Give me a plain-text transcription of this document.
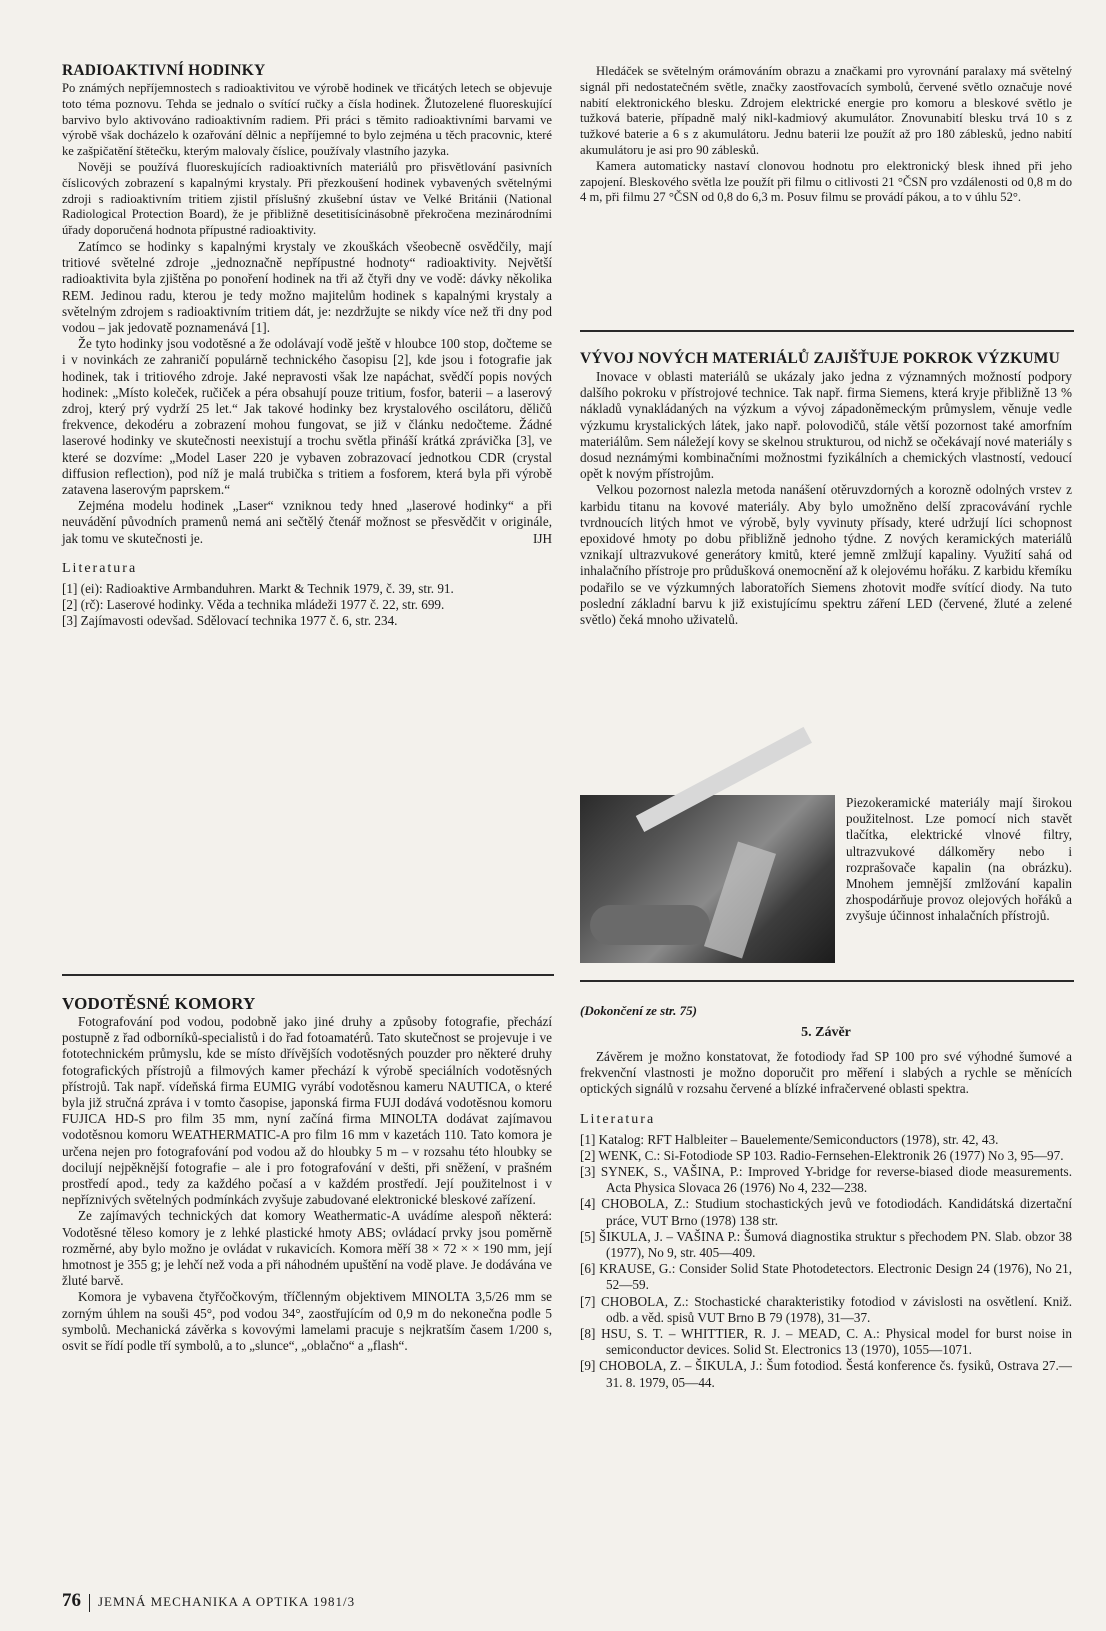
RADIOAKTIVNÍ HODINKY

Po známých nepříjemnostech s radioaktivitou ve výrobě hodinek ve třicátých letech se objevuje toto téma poznovu. Tehda se jednalo o svítící ručky a čísla hodinek. Žlutozelené fluoreskující barvivo bylo aktivováno radioaktivním radiem. Při práci s těmito radioaktivními barvami ve výrobě však docházelo k ozařování dělnic a nepříjemné to bylo zejména u těch pracovnic, které ke zašpičatění štětečku, kterým malovaly číslice, používaly vlastního jazyka.

Nověji se používá fluoreskujících radioaktivních materiálů pro přisvětlování pasivních číslicových zobrazení s kapalnými krystaly. Při přezkoušení hodinek vybavených světelnými zdroji s radioaktivním tritiem zjistil příslušný zkušební ústav ve Velké Británii (National Radiological Protection Board), že je přibližně desetitisícinásobně překročena mezinárodními úřady doporučená hodnota přípustné radioaktivity.

Zatímco se hodinky s kapalnými krystaly ve zkouškách všeobecně osvědčily, mají tritiové světelné zdroje „jednoznačně nepřípustné hodnoty“ radioaktivity. Největší radioaktivita byla zjištěna po ponoření hodinek na tři až čtyři dny ve vodě: dávky několika REM. Jedinou radu, kterou je tedy možno majitelům hodinek s kapalnými krystaly a světelným zdrojem s radioaktivním tritiem dát, je: nezdržujte se nikdy více než tři dny pod vodou – jak jedovatě poznamenává [1].

Že tyto hodinky jsou vodotěsné a že odolávají vodě ještě v hloubce 100 stop, dočteme se i v novinkách ze zahraničí populárně technického časopisu [2], kde jsou i fotografie jak hodinek, tak i tritiového zdroje. Jaké nepravosti však lze napáchat, svědčí popis nových hodinek: „Místo koleček, ručiček a péra obsahují pouze tritium, fosfor, baterii – a laserový zdroj, který prý vydrží 25 let.“ Jak takové hodinky bez krystalového oscilátoru, děličů frekvence, dekodéru a zobrazení mohou fungovat, se již v článku nedočteme. Žádné laserové hodinky ve skutečnosti neexistují a trochu světla přináší krátká zprávička [3], ve které se dozvíme: „Model Laser 220 je vybaven zobrazovací jednotkou CDR (crystal diffusion reflection), pod níž je malá trubička s tritiem a fosforem, která byla při výrobě zatavena laserovým paprskem.“

Zejména modelu hodinek „Laser“ vzniknou tedy hned „laserové hodinky“ a při neuvádění původních pramenů nemá ani sečtělý čtenář možnost se přesvědčit v originále, jak tomu ve skutečnosti je.	IJH
Literatura

[1] (ei): Radioaktive Armbanduhren. Markt & Technik 1979, č. 39, str. 91.

[2] (rč): Laserové hodinky. Věda a technika mládeži 1977 č. 22, str. 699.

[3] Zajímavosti odevšad. Sdělovací technika 1977 č. 6, str. 234.

VODOTĚSNÉ KOMORY

Fotografování pod vodou, podobně jako jiné druhy a způsoby fotografie, přechází postupně z řad odborníků-specialistů i do řad fotoamatérů. Tato skutečnost se projevuje i ve fototechnickém průmyslu, kde se místo dřívějších vodotěsných pouzder pro některé druhy fotografických přístrojů a filmových kamer přechází k výrobě speciálních vodotěsných přístrojů. Tak např. vídeňská firma EUMIG vyrábí vodotěsnou kameru NAUTICA, o které byla již stručná zpráva i v tomto časopise, japonská firma FUJI dodává vodotěsnou komoru FUJICA HD-S pro film 35 mm, nyní začíná firma MINOLTA dodávat zajímavou vodotěsnou komoru WEATHERMATIC-A pro film 16 mm v kazetách 110. Tato komora je určena nejen pro fotografování pod vodou až do hloubky 5 m – v rozsahu této hloubky se docilují nejpěknější fotografie – ale i pro fotografování v dešti, při sněžení, v prašném prostředí apod., tedy za každého počasí a v každém prostředí. Její použitelnost i v nepříznivých světelných podmínkách zvyšuje zabudované elektronické bleskové zařízení.

Ze zajímavých technických dat komory Weathermatic-A uvádíme alespoň některá: Vodotěsné těleso komory je z lehké plastické hmoty ABS; ovládací prvky jsou poměrně rozměrné, aby bylo možno je ovládat v rukavicích. Komora měří 38 × 72 × × 190 mm, její hmotnost je 355 g; je lehčí než voda a při náhodném upuštění na vodě plave. Je dodávána ve žluté barvě.

Komora je vybavena čtyřčočkovým, tříčlenným objektivem MINOLTA 3,5/26 mm se zorným úhlem na souši 45°, pod vodou 34°, zaostřujícím od 0,9 m do nekonečna podle 5 symbolů. Mechanická závěrka s kovovými lamelami pracuje s nejkratším časem 1/200 s, osvit se řídí podle tří symbolů, a to „slunce“, „oblačno“ a „flash“.

Hledáček se světelným orámováním obrazu a značkami pro vyrovnání paralaxy má světelný signál při nedostatečném světle, značky zaostřovacích symbolů, červené světlo označuje nové nabití elektronického blesku. Zdrojem elektrické energie pro komoru a bleskové světlo je tužková baterie, případně malý nikl-kadmiový akumulátor. Znovunabití blesku trvá 10 s z tužkové baterie a 6 s z akumulátoru. Jednu baterii lze použít až pro 180 záblesků, jedno nabití akumulátoru je asi pro 90 záblesků.

Kamera automaticky nastaví clonovou hodnotu pro elektronický blesk ihned při jeho zapojení. Bleskového světla lze použít při filmu o citlivosti 21 °ČSN pro vzdálenosti od 0,8 m do 4 m, při filmu 27 °ČSN od 0,8 do 6,3 m. Posuv filmu se provádí pákou, a to v úhlu 52°.

VÝVOJ NOVÝCH MATERIÁLŮ ZAJIŠŤUJE POKROK VÝZKUMU

Inovace v oblasti materiálů se ukázaly jako jedna z významných možností podpory dalšího pokroku v přístrojové technice. Tak např. firma Siemens, která kryje přibližně 13 % nákladů vynakládaných na výzkum a vývoj západoněmeckým průmyslem, věnuje vedle výzkumu krystalických látek, jako např. polovodičů, stále větší pozornost také amorfním materiálům. Sem náležejí kovy se skelnou strukturou, od nichž se očekávají nové materiály s dosud neznámými kombinačními možnostmi fyzikálních a chemických vlastností, vedoucí opět k novým přístrojům.

Velkou pozornost nalezla metoda nanášení otěruvzdorných a korozně odolných vrstev z karbidu titanu na kovové materiály. Aby bylo umožněno delší zpracovávání rychle tvrdnoucích litých hmot ve výrobě, byly vyvinuty přísady, které udržují líci schopnost epoxidové hmoty po dobu přibližně jednoho týdne. Z nových keramických materiálů vznikají ultrazvukové generátory kmitů, které jemně zmlžují kapaliny. Využití sahá od inhalačního přístroje pro průdušková onemocnění až k olejovému hořáku. Z karbidu křemíku podařilo se ve výzkumných laboratořích Siemens zhotovit modře svítící diody. Na tuto poslední základní barvu k již existujícímu spektru záření LED (červené, žluté a zelené světlo) čeká mnoho uživatelů.

Piezokeramické materiály mají širokou použitelnost. Lze pomocí nich stavět tlačítka, elektrické vlnové filtry, ultrazvukové dálkoměry nebo i rozprašovače kapalin (na obrázku). Mnohem jemnější zmlžování kapalin zhospodárňuje provoz olejových hořáků a zvyšuje účinnost inhalačních přístrojů.

(Dokončení ze str. 75)
5. Závěr

Závěrem je možno konstatovat, že fotodiody řad SP 100 pro své výhodné šumové a frekvenční vlastnosti je možno doporučit pro měření i slabých a rychle se měnících optických signálů v rozsahu červené a blízké infračervené oblasti spektra.

Literatura

[1] Katalog: RFT Halbleiter – Bauelemente/Semiconductors (1978), str. 42, 43.

[2] WENK, C.: Si-Fotodiode SP 103. Radio-Fernsehen-Elektronik 26 (1977) No 3, 95—97.

[3] SYNEK, S., VAŠINA, P.: Improved Y-bridge for reverse-biased diode measurements. Acta Physica Slovaca 26 (1976) No 4, 232—238.

[4] CHOBOLA, Z.: Studium stochastických jevů ve fotodiodách. Kandidátská dizertační práce, VUT Brno (1978) 138 str.

[5] ŠIKULA, J. – VAŠINA P.: Šumová diagnostika struktur s přechodem PN. Slab. obzor 38 (1977), No 9, str. 405—409.

[6] KRAUSE, G.: Consider Solid State Photodetectors. Electronic Design 24 (1976), No 21, 52—59.

[7] CHOBOLA, Z.: Stochastické charakteristiky fotodiod v závislosti na osvětlení. Kniž. odb. a věd. spisů VUT Brno B 79 (1978), 31—37.

[8] HSU, S. T. – WHITTIER, R. J. – MEAD, C. A.: Physical model for burst noise in semiconductor devices. Solid St. Electronics 13 (1970), 1055—1071.

[9] CHOBOLA, Z. – ŠIKULA, J.: Šum fotodiod. Šestá konference čs. fysiků, Ostrava 27.—31. 8. 1979, 05—44.

76 JEMNÁ MECHANIKA A OPTIKA 1981/3
